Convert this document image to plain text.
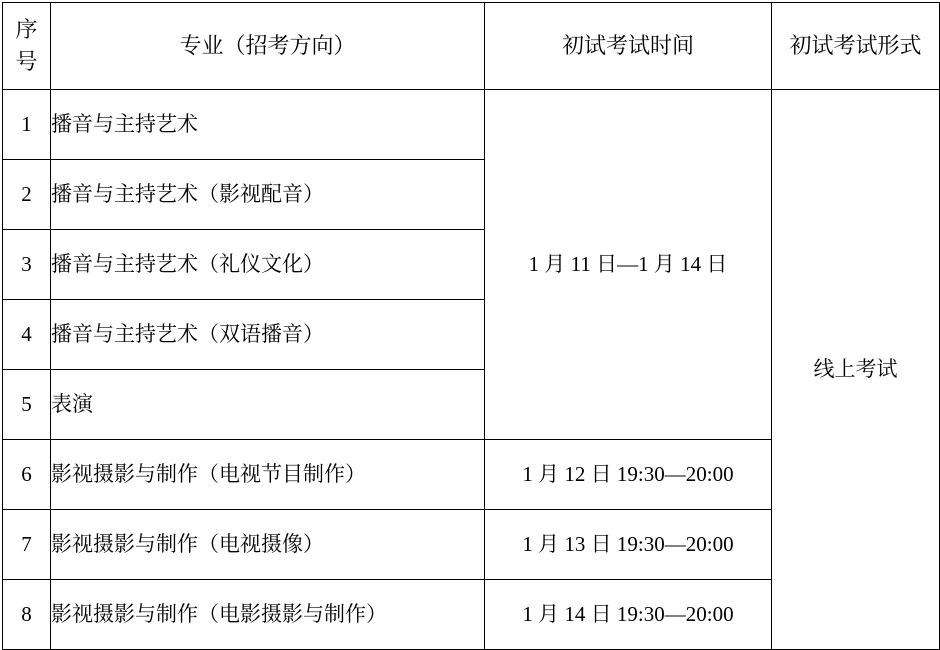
序
号	专业（招考方向）	初试考试时间	初试考试形式
1	播音与主持艺术	1 月 11 日—1 月 14 日	线上考试
2	播音与主持艺术（影视配音）		
3	播音与主持艺术（礼仪文化）		
4	播音与主持艺术（双语播音）		
5	表演		
6	影视摄影与制作（电视节目制作）	1 月 12 日 19:30—20:00	
7	影视摄影与制作（电视摄像）	1 月 13 日 19:30—20:00	
8	影视摄影与制作（电影摄影与制作）	1 月 14 日 19:30—20:00	
